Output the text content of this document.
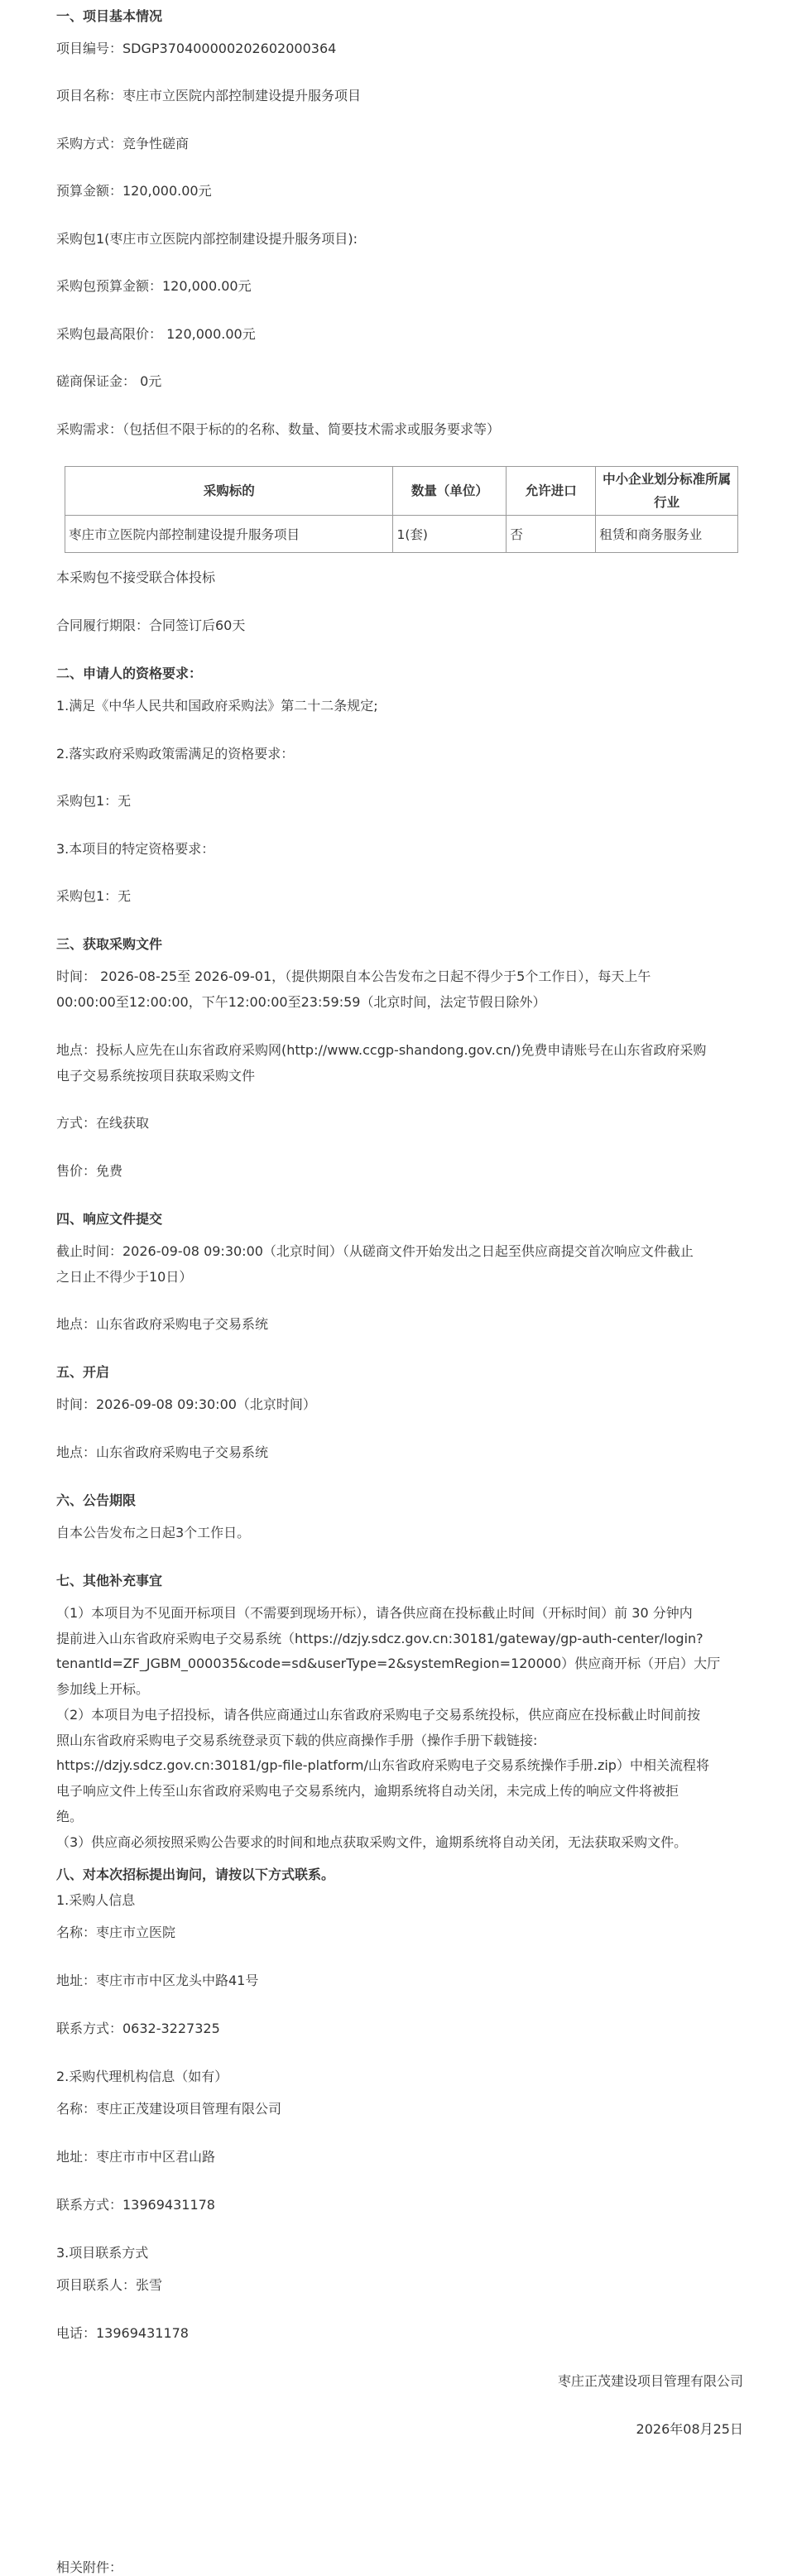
一、项目基本情况
项目编号：SDGP370400000202602000364
项目名称：枣庄市立医院内部控制建设提升服务项目
采购方式：竞争性磋商
预算金额：120,000.00元
采购包1(枣庄市立医院内部控制建设提升服务项目):
采购包预算金额：120,000.00元
采购包最高限价： 120,000.00元
磋商保证金： 0元
采购需求：（包括但不限于标的的名称、数量、简要技术需求或服务要求等）
采购标的	数量（单位）	允许进口	中小企业划分标准所属行业
枣庄市立医院内部控制建设提升服务项目	1(套)	否	租赁和商务服务业
本采购包不接受联合体投标
合同履行期限：合同签订后60天
二、申请人的资格要求：
1.满足《中华人民共和国政府采购法》第二十二条规定;
2.落实政府采购政策需满足的资格要求：
采购包1：无
3.本项目的特定资格要求：
采购包1：无
三、获取采购文件
时间： 2026-08-25至 2026-09-01，（提供期限自本公告发布之日起不得少于5个工作日），每天上午
00:00:00至12:00:00，下午12:00:00至23:59:59（北京时间，法定节假日除外）
地点：投标人应先在山东省政府采购网(http://www.ccgp-shandong.gov.cn/)免费申请账号在山东省政府采购
电子交易系统按项目获取采购文件
方式：在线获取
售价：免费
四、响应文件提交
截止时间：2026-09-08 09:30:00（北京时间）（从磋商文件开始发出之日起至供应商提交首次响应文件截止
之日止不得少于10日）
地点：山东省政府采购电子交易系统
五、开启
时间：2026-09-08 09:30:00（北京时间）
地点：山东省政府采购电子交易系统
六、公告期限
自本公告发布之日起3个工作日。
七、其他补充事宜
（1）本项目为不见面开标项目（不需要到现场开标），请各供应商在投标截止时间（开标时间）前 30 分钟内
提前进入山东省政府采购电子交易系统（https://dzjy.sdcz.gov.cn:30181/gateway/gp-auth-center/login?
tenantId=ZF_JGBM_000035&code=sd&userType=2&systemRegion=120000）供应商开标（开启）大厅
参加线上开标。
（2）本项目为电子招投标，请各供应商通过山东省政府采购电子交易系统投标，供应商应在投标截止时间前按
照山东省政府采购电子交易系统登录页下载的供应商操作手册（操作手册下载链接:
https://dzjy.sdcz.gov.cn:30181/gp-file-platform/山东省政府采购电子交易系统操作手册.zip）中相关流程将
电子响应文件上传至山东省政府采购电子交易系统内，逾期系统将自动关闭，未完成上传的响应文件将被拒
绝。
（3）供应商必须按照采购公告要求的时间和地点获取采购文件，逾期系统将自动关闭，无法获取采购文件。
八、对本次招标提出询问，请按以下方式联系。
1.采购人信息
名称：枣庄市立医院
地址：枣庄市市中区龙头中路41号
联系方式：0632-3227325
2.采购代理机构信息（如有）
名称：枣庄正茂建设项目管理有限公司
地址：枣庄市市中区君山路
联系方式：13969431178
3.项目联系方式
项目联系人：张雪
电话：13969431178
枣庄正茂建设项目管理有限公司
2026年08月25日
相关附件：
